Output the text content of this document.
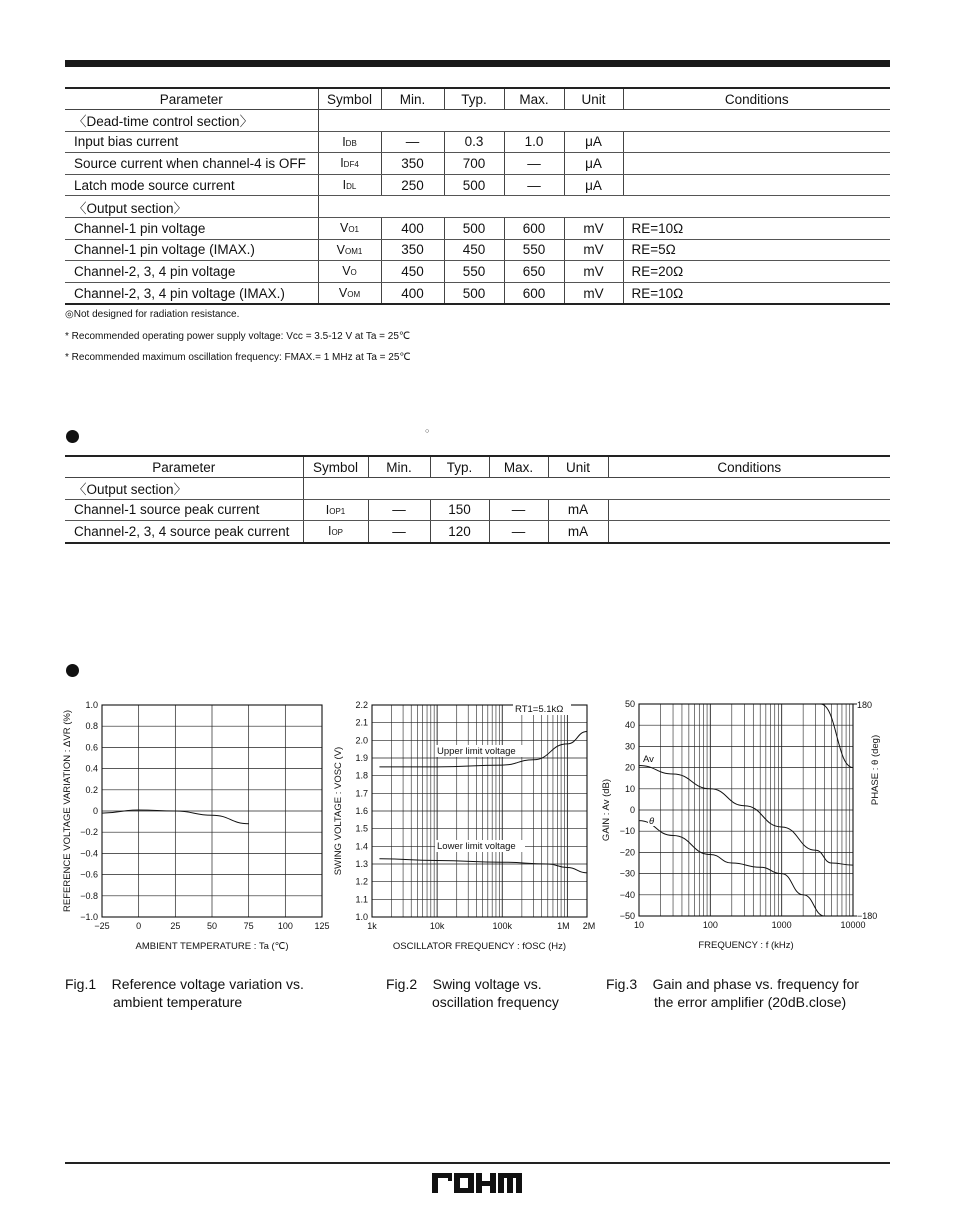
Parameter	Symbol	Min.	Typ.	Max.	Unit	Conditions
〈Dead-time control section〉						
Input bias current	IDB	—	0.3	1.0	μA	
Source current when channel-4 is OFF	IDF4	350	700	—	μA	
Latch mode source current	IDL	250	500	—	μA	
〈Output section〉						
Channel-1 pin voltage	VO1	400	500	600	mV	RE=10Ω
Channel-1 pin voltage (IMAX.)	VOM1	350	450	550	mV	RE=5Ω
Channel-2, 3, 4 pin voltage	VO	450	550	650	mV	RE=20Ω
Channel-2, 3, 4 pin voltage (IMAX.)	VOM	400	500	600	mV	RE=10Ω
◎Not designed for radiation resistance.
* Recommended operating power supply voltage: Vcc = 3.5-12 V at Ta = 25℃
* Recommended maximum oscillation frequency: FMAX.= 1 MHz at Ta = 25℃
○
Parameter	Symbol	Min.	Typ.	Max.	Unit	Conditions
〈Output section〉						
Channel-1 source peak current	IOP1	—	150	—	mA	
Channel-2, 3, 4 source peak current	IOP	—	120	—	mA	
1.0
0.8
0.6
0.4
0.2
0
−0.2
−0.4
−0.6
−0.8
−1.0
−25	0	25	50	75	100 125
AMBIENT TEMPERATURE : Ta (℃)
REFERENCE VOLTAGE VARIATION : ΔVR (%)
2.2
2.1
2.0
1.9
1.8
1.7
1.6
1.5
1.4
1.3
1.2
1.1
1.0
1k	10k	100k	1M 2M
OSCILLATOR FREQUENCY : fOSC (Hz)
SWING VOLTAGE : VOSC (V)
RT1=5.1kΩ
Upper limit voltage
Lower limit voltage
50
40
30
20
10
0
−10
−20
−30
−40
−50
10	100	1000	10000
FREQUENCY : f (kHz)
GAIN : Av (dB)
180
−180
PHASE : θ (deg)
Av
θ
Fig.1    Reference voltage variation vs.
ambient temperature
Fig.2    Swing voltage vs.
oscillation frequency
Fig.3    Gain and phase vs. frequency for
the error amplifier (20dB.close)
